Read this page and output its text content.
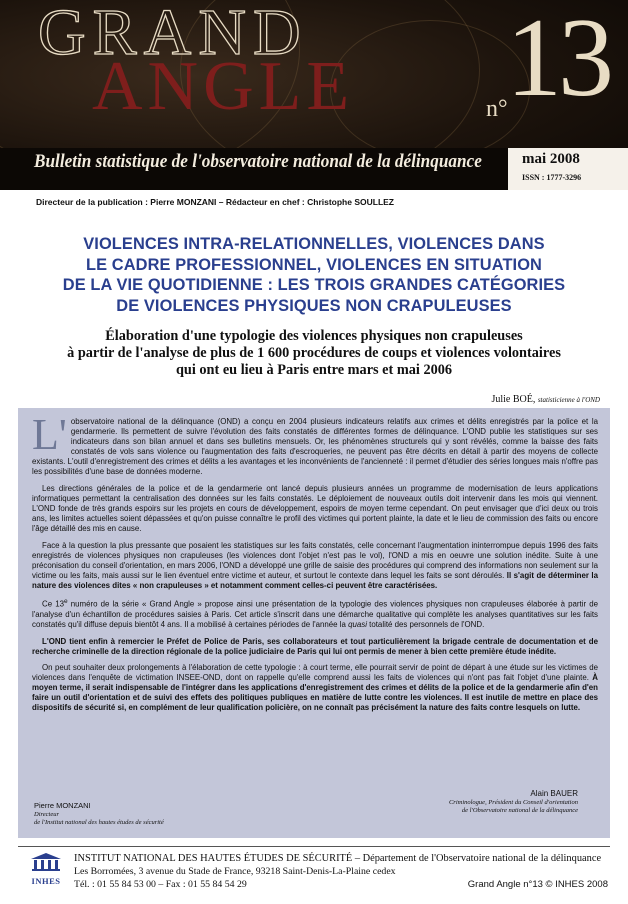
GRAND
ANGLE	n°
13
Bulletin statistique de l'observatoire national de la délinquance	mai 2008
ISSN : 1777-3296
Directeur de la publication : Pierre MONZANI – Rédacteur en chef : Christophe SOULLEZ
VIOLENCES INTRA-RELATIONNELLES, VIOLENCES DANS
LE CADRE PROFESSIONNEL, VIOLENCES EN SITUATION
DE LA VIE QUOTIDIENNE : LES TROIS GRANDES CATÉGORIES
DE VIOLENCES PHYSIQUES NON CRAPULEUSES
Élaboration d'une typologie des violences physiques non crapuleuses
à partir de l'analyse de plus de 1 600 procédures de coups et violences volontaires
qui ont eu lieu à Paris entre mars et mai 2006
Julie BOÉ, statisticienne à l'OND

L' observatoire national de la délinquance (OND) a conçu en 2004 plusieurs indicateurs relatifs aux crimes et délits enregistrés par la police et la gendarmerie. Ils permettent de suivre l'évolution des faits constatés de différentes formes de délinquance. L'OND publie les statistiques sur ses indicateurs dans son bilan annuel et dans ses bulletins mensuels. Or, les phénomènes structurels qui y sont révélés, comme la baisse des faits constatés de vols sans violence ou l'augmentation des faits d'escroqueries, ne peuvent pas être décrits en détail à partir des moyens de collecte existants. L'outil d'enregistrement des crimes et délits a les avantages et les inconvénients de l'ancienneté : il permet d'étudier des séries longues mais n'offre pas les possibilités d'une base de données moderne.

Les directions générales de la police et de la gendarmerie ont lancé depuis plusieurs années un programme de modernisation de leurs applications informatiques permettant la centralisation des données sur les faits constatés. Le déploiement de nouveaux outils doit intervenir dans les mois qui viennent. L'OND fonde de très grands espoirs sur les projets en cours de développement, espoirs de moyen terme cependant. On peut envisager que d'ici deux ou trois ans, les limites actuelles soient dépassées et qu'on puisse connaître le profil des victimes qui portent plainte, la date et le lieu de commission des faits ou encore l'âge détaillé des mis en cause.

Face à la question la plus pressante que posaient les statistiques sur les faits constatés, celle concernant l'augmentation ininterrompue depuis 1996 des faits enregistrés de violences physiques non crapuleuses (les violences dont l'objet n'est pas le vol), l'OND a mis en oeuvre une solution inédite. Suite à une préconisation du conseil d'orientation, en mars 2006, l'OND a développé une grille de saisie des procédures qui comprend des informations non seulement sur la victime ou les faits, mais aussi sur le lien éventuel entre victime et auteur, et surtout le contexte dans lequel les faits se sont déroulés. Il s'agit de déterminer la nature des violences dites « non crapuleuses » et notamment comment celles-ci peuvent être caractérisées.

Ce 13e numéro de la série « Grand Angle » propose ainsi une présentation de la typologie des violences physiques non crapuleuses élaborée à partir de l'analyse d'un échantillon de procédures saisies à Paris. Cet article s'inscrit dans une démarche qualitative qui complète les analyses quantitatives sur les faits constatés qu'il diffuse depuis bientôt 4 ans. Il a mobilisé à certaines périodes de l'année la quasi totalité des personnels de l'OND.

L'OND tient enfin à remercier le Préfet de Police de Paris, ses collaborateurs et tout particulièrement la brigade centrale de documentation et de recherche criminelle de la direction régionale de la police judiciaire de Paris qui lui ont permis de mener à bien cette première étude inédite.

On peut souhaiter deux prolongements à l'élaboration de cette typologie : à court terme, elle pourrait servir de point de départ à une étude sur les victimes de violences dans l'enquête de victimation INSEE-OND, dont on rappelle qu'elle comprend aussi les faits de violences qui n'ont pas fait l'objet d'une plainte. À moyen terme, il serait indispensable de l'intégrer dans les applications d'enregistrement des crimes et délits de la police et de la gendarmerie afin d'en faire un outil d'orientation et de suivi des effets des politiques publiques en matière de lutte contre les violences. Il est inutile de mettre en place des dispositifs de sécurité si, en complément de leur qualification policière, on ne connaît pas précisément la nature des faits contre lesquels on lutte.

Pierre MONZANI
Directeur
de l'Institut national des hautes études de sécurité
Alain BAUER
Criminologue, Président du Conseil d'orientation
de l'Observatoire national de la délinquance
INHES
INSTITUT NATIONAL DES HAUTES ÉTUDES DE SÉCURITÉ – Département de l'Observatoire national de la délinquance
Les Borromées, 3 avenue du Stade de France, 93218 Saint-Denis-La-Plaine cedex
Tél. : 01 55 84 53 00 – Fax : 01 55 84 54 29	Grand Angle n°13 © INHES 2008
